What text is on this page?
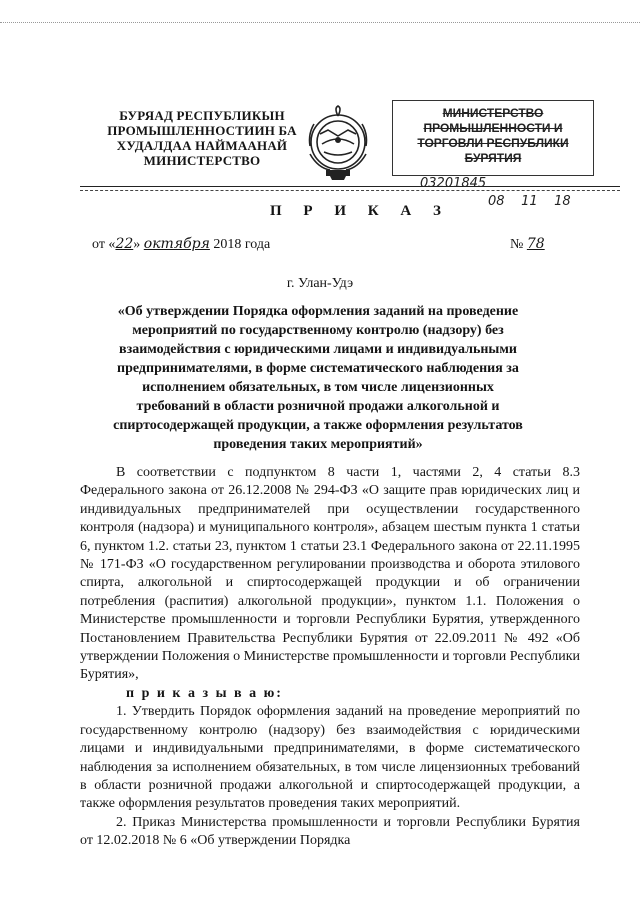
БУРЯАД РЕСПУБЛИКЫН
ПРОМЫШЛЕННОСТИИН БА
ХУДАЛДАА НАЙМААНАЙ
МИНИСТЕРСТВО
МИНИСТЕРСТВО
ПРОМЫШЛЕННОСТИ И
ТОРГОВЛИ РЕСПУБЛИКИ
БУРЯТИЯ
03201845
08    11    18
П Р И К А З
от «22» октября 2018 года	№ 78
г. Улан-Удэ
«Об утверждении Порядка оформления заданий на проведение мероприятий по государственному контролю (надзору) без взаимодействия с юридическими лицами и индивидуальными предпринимателями, в форме систематического наблюдения за исполнением обязательных, в том числе лицензионных требований в области розничной продажи алкогольной и спиртосодержащей продукции, а также оформления результатов проведения таких мероприятий»

В соответствии с подпунктом 8 части 1, частями 2, 4 статьи 8.3 Федерального закона от 26.12.2008 № 294-ФЗ «О защите прав юридических лиц и индивидуальных предпринимателей при осуществлении государственного контроля (надзора) и муниципального контроля», абзацем шестым пункта 1 статьи 6, пунктом 1.2. статьи 23, пунктом 1 статьи 23.1 Федерального закона от 22.11.1995 № 171-ФЗ «О государственном регулировании производства и оборота этилового спирта, алкогольной и спиртосодержащей продукции и об ограничении потребления (распития) алкогольной продукции», пунктом 1.1. Положения о Министерстве промышленности и торговли Республики Бурятия, утвержденного Постановлением Правительства Республики Бурятия от 22.09.2011 № 492 «Об утверждении Положения о Министерстве промышленности и торговли Республики Бурятия»,

п р и к а з ы в а ю:

1. Утвердить Порядок оформления заданий на проведение мероприятий по государственному контролю (надзору) без взаимодействия с юридическими лицами и индивидуальными предпринимателями, в форме систематического наблюдения за исполнением обязательных, в том числе лицензионных требований в области розничной продажи алкогольной и спиртосодержащей продукции, а также оформления результатов проведения таких мероприятий.

2. Приказ Министерства промышленности и торговли Республики Бурятия от 12.02.2018 № 6 «Об утверждении Порядка
